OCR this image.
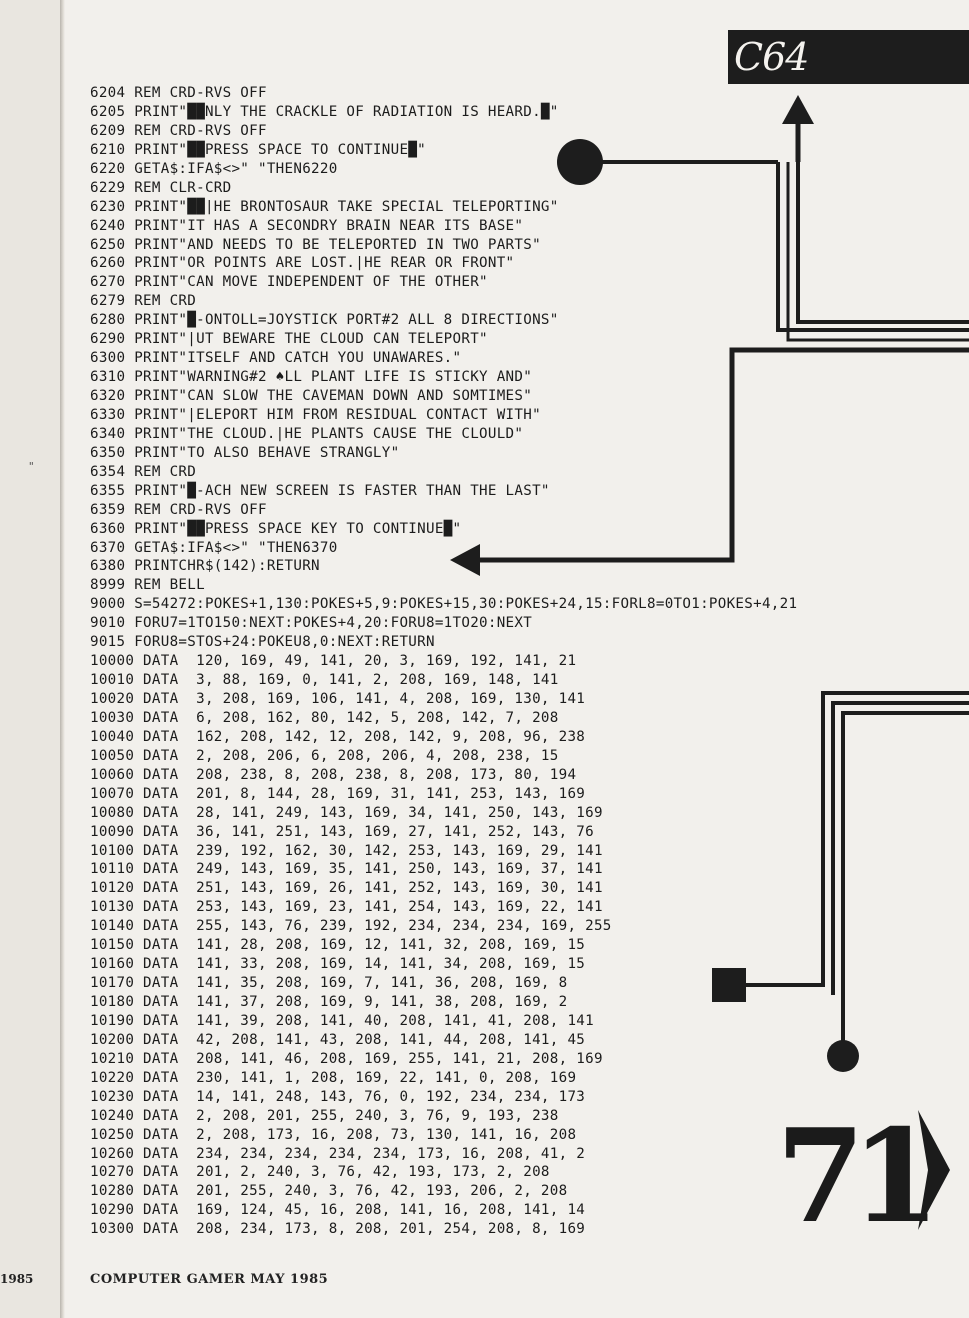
"
1985
C64
6204 REM CRD-RVS OFF
6205 PRINT"██NLY THE CRACKLE OF RADIATION IS HEARD.█"
6209 REM CRD-RVS OFF
6210 PRINT"██PRESS SPACE TO CONTINUE█"
6220 GETA$:IFA$<>" "THEN6220
6229 REM CLR-CRD
6230 PRINT"██|HE BRONTOSAUR TAKE SPECIAL TELEPORTING"
6240 PRINT"IT HAS A SECONDRY BRAIN NEAR ITS BASE"
6250 PRINT"AND NEEDS TO BE TELEPORTED IN TWO PARTS"
6260 PRINT"OR POINTS ARE LOST.|HE REAR OR FRONT"
6270 PRINT"CAN MOVE INDEPENDENT OF THE OTHER"
6279 REM CRD
6280 PRINT"█-ONTOLL=JOYSTICK PORT#2 ALL 8 DIRECTIONS"
6290 PRINT"|UT BEWARE THE CLOUD CAN TELEPORT"
6300 PRINT"ITSELF AND CATCH YOU UNAWARES."
6310 PRINT"WARNING#2 ♠LL PLANT LIFE IS STICKY AND"
6320 PRINT"CAN SLOW THE CAVEMAN DOWN AND SOMTIMES"
6330 PRINT"|ELEPORT HIM FROM RESIDUAL CONTACT WITH"
6340 PRINT"THE CLOUD.|HE PLANTS CAUSE THE CLOULD"
6350 PRINT"TO ALSO BEHAVE STRANGLY"
6354 REM CRD
6355 PRINT"█-ACH NEW SCREEN IS FASTER THAN THE LAST"
6359 REM CRD-RVS OFF
6360 PRINT"██PRESS SPACE KEY TO CONTINUE█"
6370 GETA$:IFA$<>" "THEN6370
6380 PRINTCHR$(142):RETURN
8999 REM BELL
9000 S=54272:POKES+1,130:POKES+5,9:POKES+15,30:POKES+24,15:FORL8=0TO1:POKES+4,21
9010 FORU7=1TO150:NEXT:POKES+4,20:FORU8=1TO20:NEXT
9015 FORU8=STOS+24:POKEU8,0:NEXT:RETURN
10000 DATA  120, 169, 49, 141, 20, 3, 169, 192, 141, 21
10010 DATA  3, 88, 169, 0, 141, 2, 208, 169, 148, 141
10020 DATA  3, 208, 169, 106, 141, 4, 208, 169, 130, 141
10030 DATA  6, 208, 162, 80, 142, 5, 208, 142, 7, 208
10040 DATA  162, 208, 142, 12, 208, 142, 9, 208, 96, 238
10050 DATA  2, 208, 206, 6, 208, 206, 4, 208, 238, 15
10060 DATA  208, 238, 8, 208, 238, 8, 208, 173, 80, 194
10070 DATA  201, 8, 144, 28, 169, 31, 141, 253, 143, 169
10080 DATA  28, 141, 249, 143, 169, 34, 141, 250, 143, 169
10090 DATA  36, 141, 251, 143, 169, 27, 141, 252, 143, 76
10100 DATA  239, 192, 162, 30, 142, 253, 143, 169, 29, 141
10110 DATA  249, 143, 169, 35, 141, 250, 143, 169, 37, 141
10120 DATA  251, 143, 169, 26, 141, 252, 143, 169, 30, 141
10130 DATA  253, 143, 169, 23, 141, 254, 143, 169, 22, 141
10140 DATA  255, 143, 76, 239, 192, 234, 234, 234, 169, 255
10150 DATA  141, 28, 208, 169, 12, 141, 32, 208, 169, 15
10160 DATA  141, 33, 208, 169, 14, 141, 34, 208, 169, 15
10170 DATA  141, 35, 208, 169, 7, 141, 36, 208, 169, 8
10180 DATA  141, 37, 208, 169, 9, 141, 38, 208, 169, 2
10190 DATA  141, 39, 208, 141, 40, 208, 141, 41, 208, 141
10200 DATA  42, 208, 141, 43, 208, 141, 44, 208, 141, 45
10210 DATA  208, 141, 46, 208, 169, 255, 141, 21, 208, 169
10220 DATA  230, 141, 1, 208, 169, 22, 141, 0, 208, 169
10230 DATA  14, 141, 248, 143, 76, 0, 192, 234, 234, 173
10240 DATA  2, 208, 201, 255, 240, 3, 76, 9, 193, 238
10250 DATA  2, 208, 173, 16, 208, 73, 130, 141, 16, 208
10260 DATA  234, 234, 234, 234, 234, 173, 16, 208, 41, 2
10270 DATA  201, 2, 240, 3, 76, 42, 193, 173, 2, 208
10280 DATA  201, 255, 240, 3, 76, 42, 193, 206, 2, 208
10290 DATA  169, 124, 45, 16, 208, 141, 16, 208, 141, 14
10300 DATA  208, 234, 173, 8, 208, 201, 254, 208, 8, 169	71
COMPUTER GAMER MAY 1985
